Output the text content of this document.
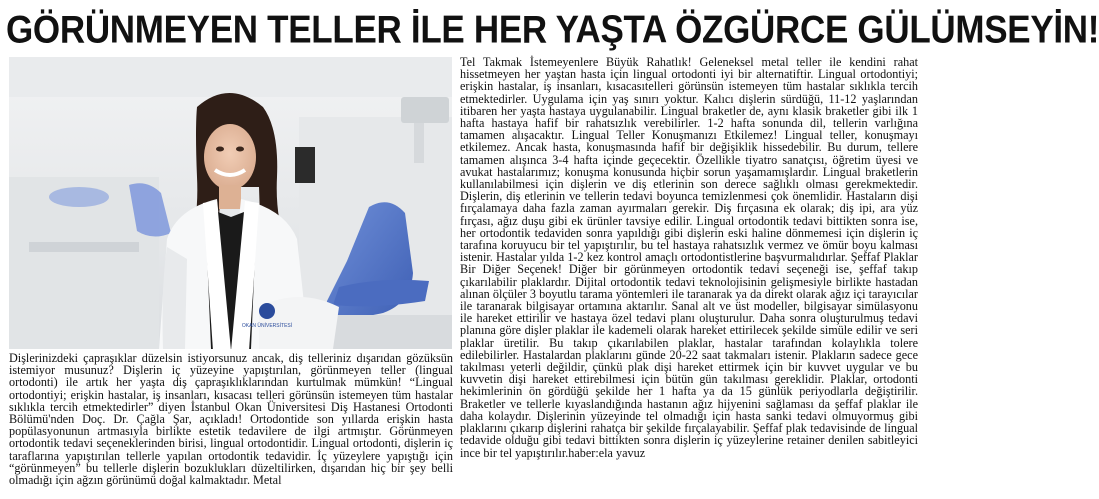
GÖRÜNMEYEN TELLER İLE HER YAŞTA ÖZGÜRCE GÜLÜMSEYİN!
OKAN ÜNİVERSİTESİ

Dişlerinizdeki çapraşıklar düzelsin istiyorsunuz ancak, diş telleriniz dışarıdan gözüksün istemiyor musunuz? Dişlerin iç yüzeyine yapıştırılan, görünmeyen teller (lingual ortodonti) ile artık her yaşta diş çapraşıklıklarından kurtulmak mümkün! “Lingual ortodontiyi; erişkin hastalar, iş insanları, kısacası telleri görünsün istemeyen tüm hastalar sıklıkla tercih etmektedirler” diyen İstanbul Okan Üniversitesi Diş Hastanesi Ortodonti Bölümü'nden Doç. Dr. Çağla Şar, açıkladı! Ortodontide son yıllarda erişkin hasta popülasyonunun artmasıyla birlikte estetik tedavilere de ilgi artmıştır. Görünmeyen ortodontik tedavi seçeneklerinden birisi, lingual ortodontidir. Lingual ortodonti, dişlerin iç taraflarına yapıştırılan tellerle yapılan ortodontik tedavidir. İç yüzeylere yapıştığı için “görünmeyen” bu tellerle dişlerin bozuklukları düzeltilirken, dışarıdan hiç bir şey belli olmadığı için ağzın görünümü doğal kalmaktadır. Metal

Tel Takmak İstemeyenlere Büyük Rahatlık! Geleneksel metal teller ile kendini rahat hissetmeyen her yaştan hasta için lingual ortodonti iyi bir alternatiftir. Lingual ortodontiyi; erişkin hastalar, iş insanları, kısacasıtelleri görünsün istemeyen tüm hastalar sıklıkla tercih etmektedirler. Uygulama için yaş sınırı yoktur. Kalıcı dişlerin sürdüğü, 11-12 yaşlarından itibaren her yaşta hastaya uygulanabilir. Lingual braketler de, aynı klasik braketler gibi ilk 1 hafta hastaya hafif bir rahatsızlık verebilirler. 1-2 hafta sonunda dil, tellerin varlığına tamamen alışacaktır. Lingual Teller Konuşmanızı Etkilemez! Lingual teller, konuşmayı etkilemez. Ancak hasta, konuşmasında hafif bir değişiklik hissedebilir. Bu durum, tellere tamamen alışınca 3-4 hafta içinde geçecektir. Özellikle tiyatro sanatçısı, öğretim üyesi ve avukat hastalarımız; konuşma konusunda hiçbir sorun yaşamamışlardır. Lingual braketlerin kullanılabilmesi için dişlerin ve diş etlerinin son derece sağlıklı olması gerekmektedir. Dişlerin, diş etlerinin ve tellerin tedavi boyunca temizlenmesi çok önemlidir. Hastaların dişi fırçalamaya daha fazla zaman ayırmaları gerekir. Diş fırçasına ek olarak; diş ipi, ara yüz fırçası, ağız duşu gibi ek ürünler tavsiye edilir. Lingual ortodontik tedavi bittikten sonra ise, her ortodontik tedaviden sonra yapıldığı gibi dişlerin eski haline dönmemesi için dişlerin iç tarafına koruyucu bir tel yapıştırılır, bu tel hastaya rahatsızlık vermez ve ömür boyu kalması istenir. Hastalar yılda 1-2 kez kontrol amaçlı ortodontistlerine başvurmalıdırlar. Şeffaf Plaklar Bir Diğer Seçenek! Diğer bir görünmeyen ortodontik tedavi seçeneği ise, şeffaf takıp çıkarılabilir plaklardır. Dijital ortodontik tedavi teknolojisinin gelişmesiyle birlikte hastadan alınan ölçüler 3 boyutlu tarama yöntemleri ile taranarak ya da direkt olarak ağız içi tarayıcılar ile taranarak bilgisayar ortamına aktarılır. Sanal alt ve üst modeller, bilgisayar simülasyonu ile hareket ettirilir ve hastaya özel tedavi planı oluşturulur. Daha sonra oluşturulmuş tedavi planına göre dişler plaklar ile kademeli olarak hareket ettirilecek şekilde simüle edilir ve seri plaklar üretilir. Bu takıp çıkarılabilen plaklar, hastalar tarafından kolaylıkla tolere edilebilirler. Hastalardan plaklarını günde 20-22 saat takmaları istenir. Plakların sadece gece takılması yeterli değildir, çünkü plak dişi hareket ettirmek için bir kuvvet uygular ve bu kuvvetin dişi hareket ettirebilmesi için bütün gün takılması gereklidir. Plaklar, ortodonti hekimlerinin ön gördüğü şekilde her 1 hafta ya da 15 günlük periyodlarla değiştirilir. Braketler ve tellerle kıyaslandığında hastanın ağız hijyenini sağlaması da şeffaf plaklar ile daha kolaydır. Dişlerinin yüzeyinde tel olmadığı için hasta sanki tedavi olmuyormuş gibi plaklarını çıkarıp dişlerini rahatça bir şekilde fırçalayabilir. Şeffaf plak tedavisinde de lingual tedavide olduğu gibi tedavi bittikten sonra dişlerin iç yüzeylerine retainer denilen sabitleyici ince bir tel yapıştırılır.haber:ela yavuz
